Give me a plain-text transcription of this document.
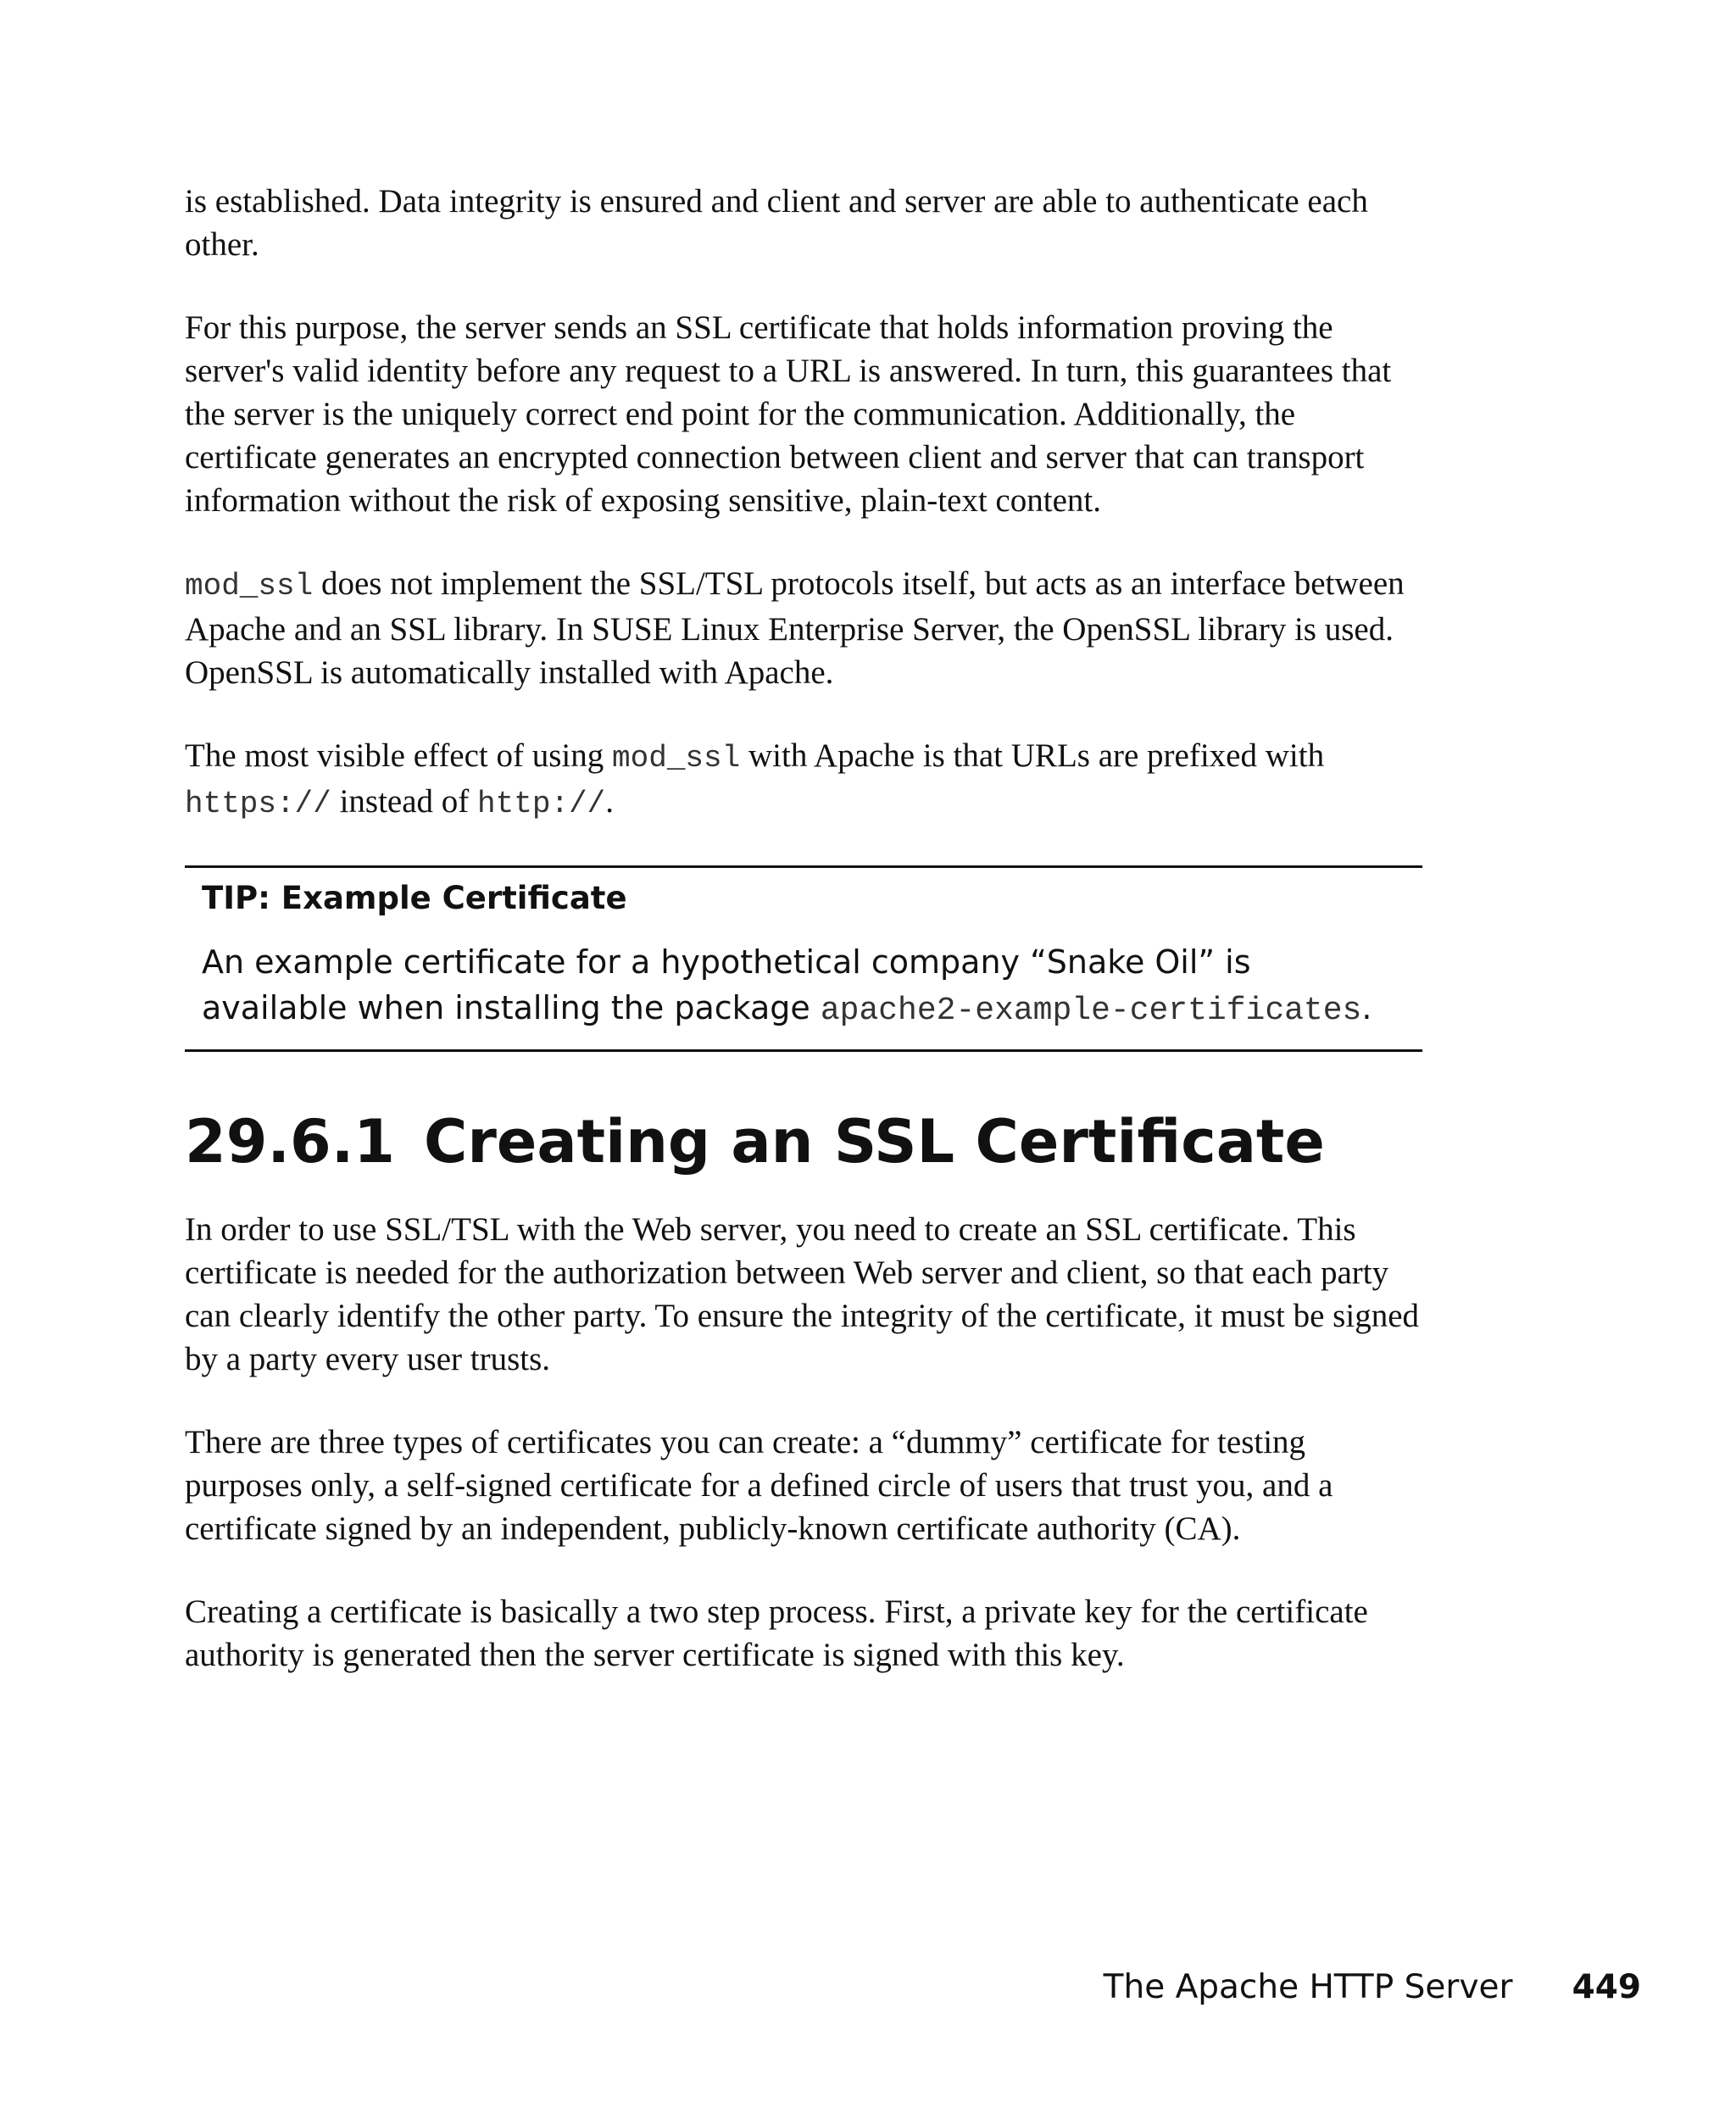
is established. Data integrity is ensured and client and server are able to authenticate each other.

For this purpose, the server sends an SSL certificate that holds information proving the server's valid identity before any request to a URL is answered. In turn, this guarantees that the server is the uniquely correct end point for the communication. Additionally, the certificate generates an encrypted connection between client and server that can transport information without the risk of exposing sensitive, plain-text content.

mod_ssl does not implement the SSL/TSL protocols itself, but acts as an interface between Apache and an SSL library. In SUSE Linux Enterprise Server, the OpenSSL library is used. OpenSSL is automatically installed with Apache.

The most visible effect of using mod_ssl with Apache is that URLs are prefixed with https:// instead of http://.

TIP: Example Certificate
An example certificate for a hypothetical company “Snake Oil” is available when installing the package apache2-example-certificates.
29.6.1 Creating an SSL Certificate

In order to use SSL/TSL with the Web server, you need to create an SSL certificate. This certificate is needed for the authorization between Web server and client, so that each party can clearly identify the other party. To ensure the integrity of the certificate, it must be signed by a party every user trusts.

There are three types of certificates you can create: a “dummy” certificate for testing purposes only, a self-signed certificate for a defined circle of users that trust you, and a certificate signed by an independent, publicly-known certificate authority (CA).

Creating a certificate is basically a two step process. First, a private key for the certificate authority is generated then the server certificate is signed with this key.

The Apache HTTP Server 449
